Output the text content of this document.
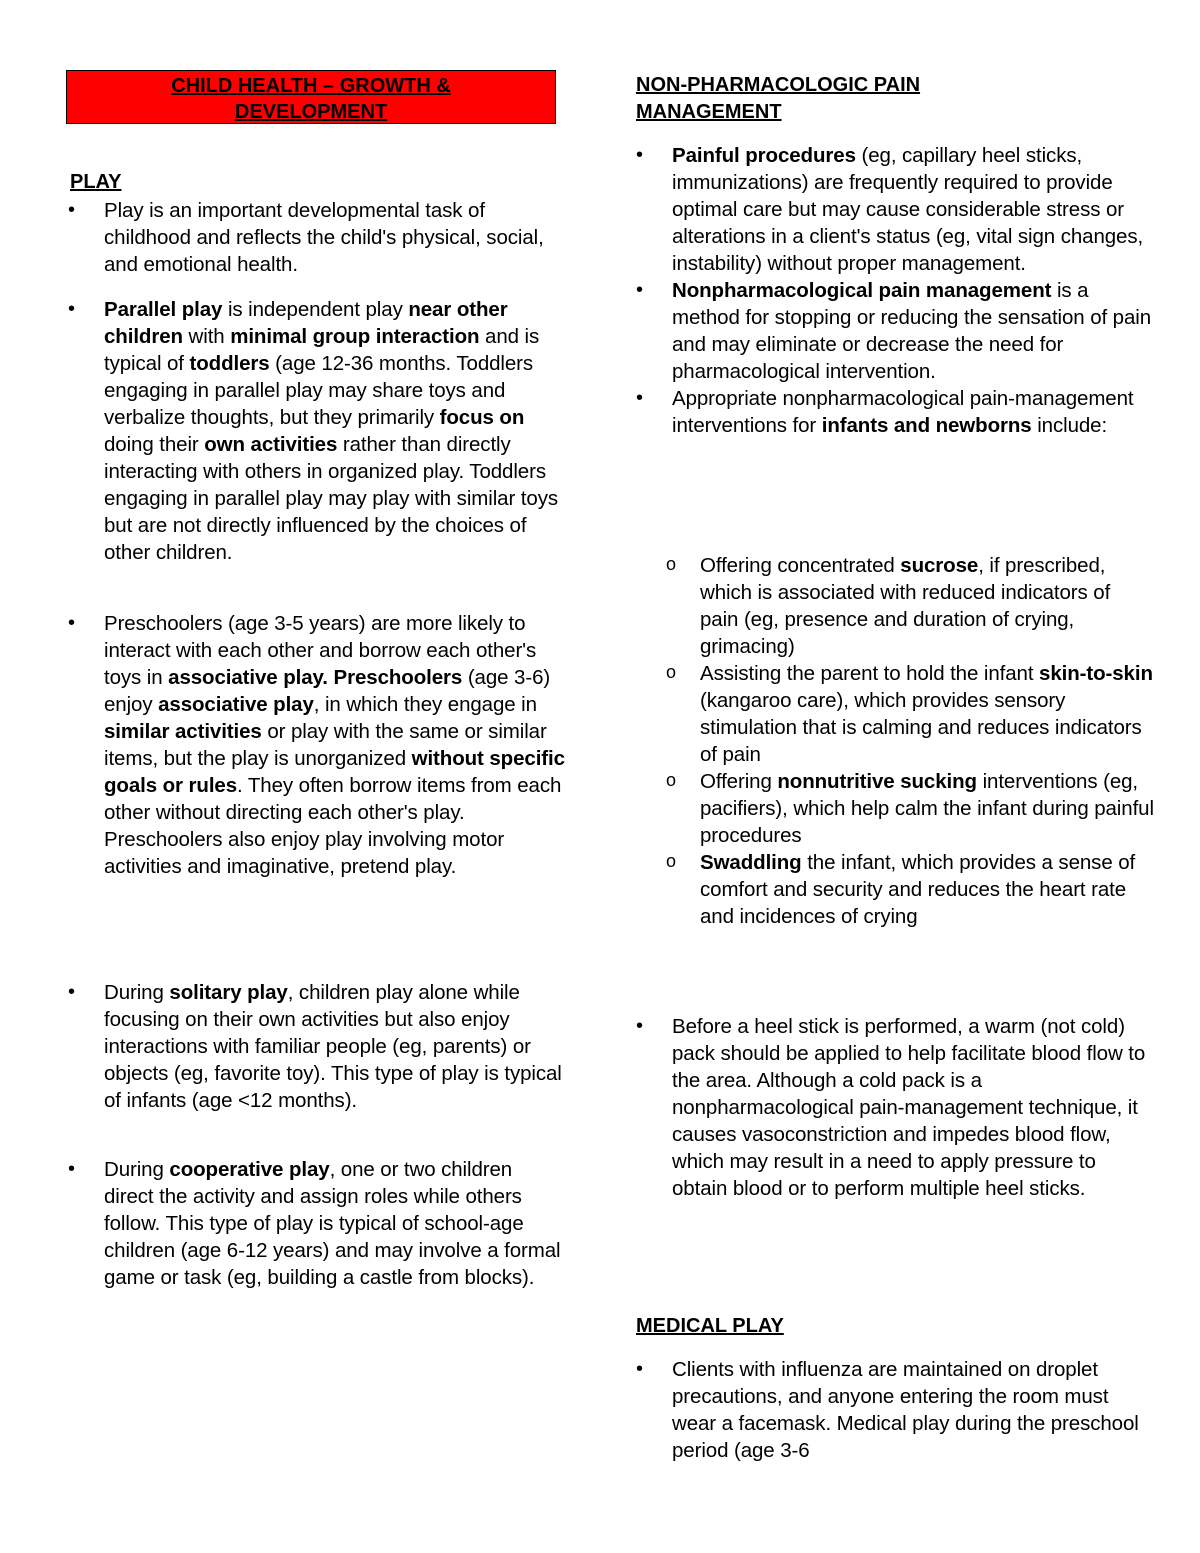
CHILD HEALTH – GROWTH &
DEVELOPMENT
PLAY
• Play is an important developmental task of childhood and reflects the child's physical, social, and emotional health.
• Parallel play is independent play near other children with minimal group interaction and is typical of toddlers (age 12-36 months. Toddlers engaging in parallel play may share toys and verbalize thoughts, but they primarily focus on doing their own activities rather than directly interacting with others in organized play. Toddlers engaging in parallel play may play with similar toys but are not directly influenced by the choices of other children.
• Preschoolers (age 3-5 years) are more likely to interact with each other and borrow each other's toys in associative play. Preschoolers (age 3-6) enjoy associative play, in which they engage in similar activities or play with the same or similar items, but the play is unorganized without specific goals or rules. They often borrow items from each other without directing each other's play. Preschoolers also enjoy play involving motor activities and imaginative, pretend play.
• During solitary play, children play alone while focusing on their own activities but also enjoy interactions with familiar people (eg, parents) or objects (eg, favorite toy). This type of play is typical of infants (age <12 months).
• During cooperative play, one or two children direct the activity and assign roles while others follow. This type of play is typical of school-age children (age 6-12 years) and may involve a formal game or task (eg, building a castle from blocks).
NON-PHARMACOLOGIC PAIN
MANAGEMENT
• Painful procedures (eg, capillary heel sticks, immunizations) are frequently required to provide optimal care but may cause considerable stress or alterations in a client's status (eg, vital sign changes, instability) without proper management.
• Nonpharmacological pain management is a method for stopping or reducing the sensation of pain and may eliminate or decrease the need for pharmacological intervention.
• Appropriate nonpharmacological pain-management interventions for infants and newborns include:
o Offering concentrated sucrose, if prescribed, which is associated with reduced indicators of pain (eg, presence and duration of crying, grimacing)
o Assisting the parent to hold the infant skin-to-skin (kangaroo care), which provides sensory stimulation that is calming and reduces indicators of pain
o Offering nonnutritive sucking interventions (eg, pacifiers), which help calm the infant during painful procedures
o Swaddling the infant, which provides a sense of comfort and security and reduces the heart rate and incidences of crying
• Before a heel stick is performed, a warm (not cold) pack should be applied to help facilitate blood flow to the area. Although a cold pack is a nonpharmacological pain-management technique, it causes vasoconstriction and impedes blood flow, which may result in a need to apply pressure to obtain blood or to perform multiple heel sticks.
MEDICAL PLAY
• Clients with influenza are maintained on droplet precautions, and anyone entering the room must wear a facemask. Medical play during the preschool period (age 3-6
